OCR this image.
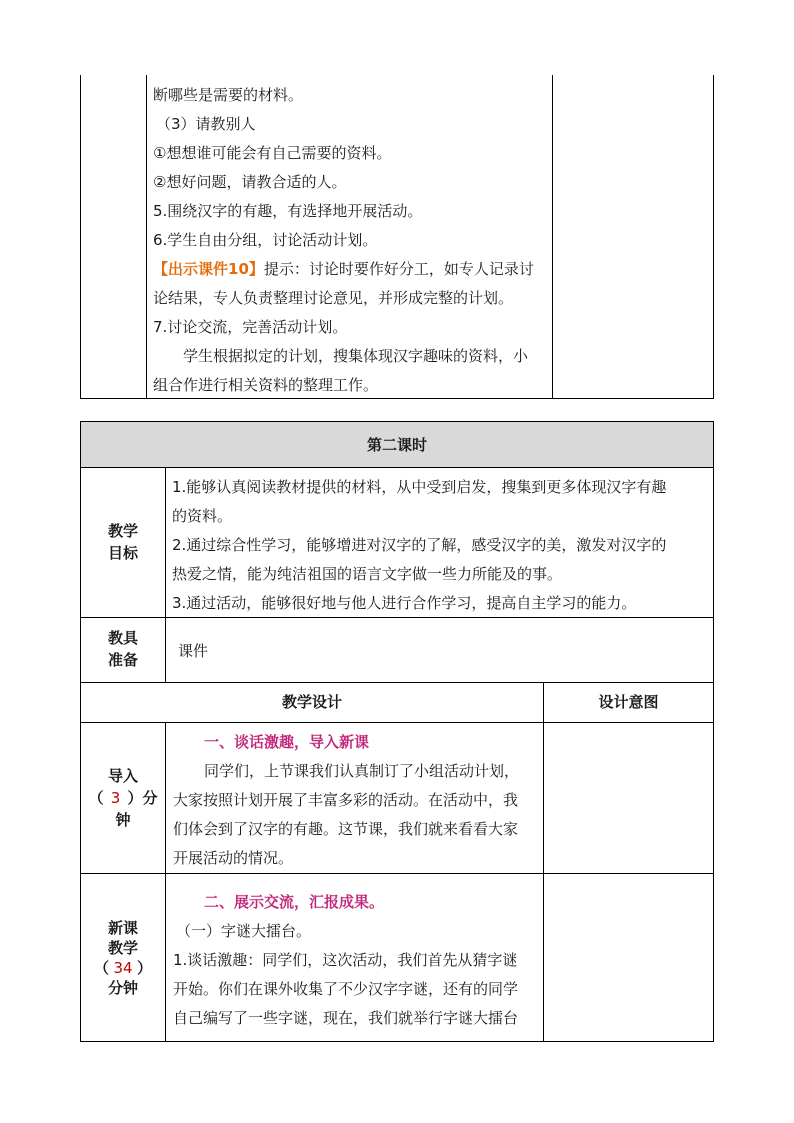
断哪些是需要的材料。
（3）请教别人
①想想谁可能会有自己需要的资料。
②想好问题，请教合适的人。
5.围绕汉字的有趣，有选择地开展活动。
6.学生自由分组，讨论活动计划。
【出示课件10】提示：讨论时要作好分工，如专人记录讨
论结果，专人负责整理讨论意见，并形成完整的计划。
7.讨论交流，完善活动计划。
学生根据拟定的计划，搜集体现汉字趣味的资料，小
组合作进行相关资料的整理工作。
第二课时
教学
目标
1.能够认真阅读教材提供的材料，从中受到启发，搜集到更多体现汉字有趣
的资料。
2.通过综合性学习，能够增进对汉字的了解，感受汉字的美，激发对汉字的
热爱之情，能为纯洁祖国的语言文字做一些力所能及的事。
3.通过活动，能够很好地与他人进行合作学习，提高自主学习的能力。
教具
准备	课件
教学设计	设计意图
导入
（ 3 ）分
钟
一、谈话激趣，导入新课
同学们，上节课我们认真制订了小组活动计划，
大家按照计划开展了丰富多彩的活动。在活动中，我
们体会到了汉字的有趣。这节课，我们就来看看大家
开展活动的情况。
新课
教学
（ 34 ）
分钟
二、展示交流，汇报成果。
（一）字谜大擂台。
1.谈话激趣：同学们，这次活动，我们首先从猜字谜
开始。你们在课外收集了不少汉字字谜，还有的同学
自己编写了一些字谜，现在，我们就举行字谜大擂台
